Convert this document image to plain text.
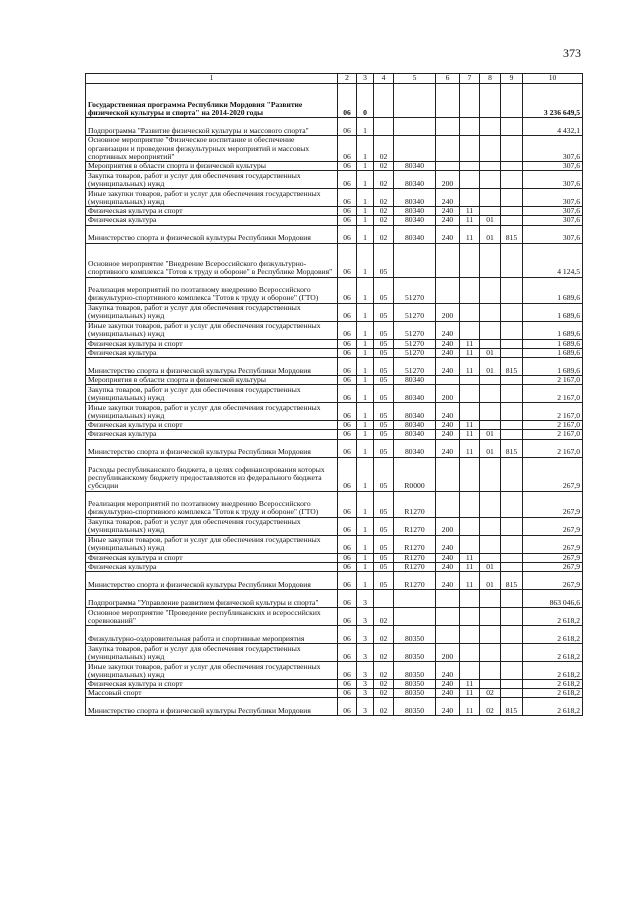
373
1	2	3	4	5	6	7	8	9	10
Государственная программа Республики Мордовия "Развитие физической культуры и спорта" на 2014-2020 годы	06	0							3 236 649,5
Подпрограмма "Развитие физической культуры и массового спорта"	06	1							4 432,1
Основное мероприятие "Физическое воспитание и обеспечение организации и проведения физкультурных мероприятий и массовых спортивных мероприятий"	06	1	02						307,6
Мероприятия в области спорта и физической культуры	06	1	02	80340					307,6
Закупка товаров, работ и услуг для обеспечения государственных (муниципальных) нужд	06	1	02	80340	200				307,6
Иные закупки товаров, работ и услуг для обеспечения государственных (муниципальных) нужд	06	1	02	80340	240				307,6
Физическая культура и спорт	06	1	02	80340	240	11			307,6
Физическая культура	06	1	02	80340	240	11	01		307,6
Министерство спорта и физической культуры Республики Мордовия	06	1	02	80340	240	11	01	815	307,6
Основное мероприятие "Внедрение Всероссийского физкультурно-спортивного комплекса "Готов к труду и обороне" в Республике Мордовия"	06	1	05						4 124,5
Реализация мероприятий по поэтапному внедрению Всероссийского физкультурно-спортивного комплекса "Готов к труду и обороне" (ГТО)	06	1	05	51270					1 689,6
Закупка товаров, работ и услуг для обеспечения государственных (муниципальных) нужд	06	1	05	51270	200				1 689,6
Иные закупки товаров, работ и услуг для обеспечения государственных (муниципальных) нужд	06	1	05	51270	240				1 689,6
Физическая культура и спорт	06	1	05	51270	240	11			1 689,6
Физическая культура	06	1	05	51270	240	11	01		1 689,6
Министерство спорта и физической культуры Республики Мордовия	06	1	05	51270	240	11	01	815	1 689,6
Мероприятия в области спорта и физической культуры	06	1	05	80340					2 167,0
Закупка товаров, работ и услуг для обеспечения государственных (муниципальных) нужд	06	1	05	80340	200				2 167,0
Иные закупки товаров, работ и услуг для обеспечения государственных (муниципальных) нужд	06	1	05	80340	240				2 167,0
Физическая культура и спорт	06	1	05	80340	240	11			2 167,0
Физическая культура	06	1	05	80340	240	11	01		2 167,0
Министерство спорта и физической культуры Республики Мордовия	06	1	05	80340	240	11	01	815	2 167,0
Расходы республиканского бюджета, в целях софинансирования которых республиканскому бюджету предоставляются из федерального бюджета субсидии	06	1	05	R0000					267,9
Реализация мероприятий по поэтапному внедрению Всероссийского физкультурно-спортивного комплекса "Готов к труду и обороне" (ГТО)	06	1	05	R1270					267,9
Закупка товаров, работ и услуг для обеспечения государственных (муниципальных) нужд	06	1	05	R1270	200				267,9
Иные закупки товаров, работ и услуг для обеспечения государственных (муниципальных) нужд	06	1	05	R1270	240				267,9
Физическая культура и спорт	06	1	05	R1270	240	11			267,9
Физическая культура	06	1	05	R1270	240	11	01		267,9
Министерство спорта и физической культуры Республики Мордовия	06	1	05	R1270	240	11	01	815	267,9
Подпрограмма "Управление развитием физической культуры и спорта"	06	3							863 046,6
Основное мероприятие "Проведение республиканских и всероссийских соревнований"	06	3	02						2 618,2
Физкультурно-оздоровительная работа и спортивные мероприятия	06	3	02	80350					2 618,2
Закупка товаров, работ и услуг для обеспечения государственных (муниципальных) нужд	06	3	02	80350	200				2 618,2
Иные закупки товаров, работ и услуг для обеспечения государственных (муниципальных) нужд	06	3	02	80350	240				2 618,2
Физическая культура и спорт	06	3	02	80350	240	11			2 618,2
Массовый спорт	06	3	02	80350	240	11	02		2 618,2
Министерство спорта и физической культуры Республики Мордовия	06	3	02	80350	240	11	02	815	2 618,2
